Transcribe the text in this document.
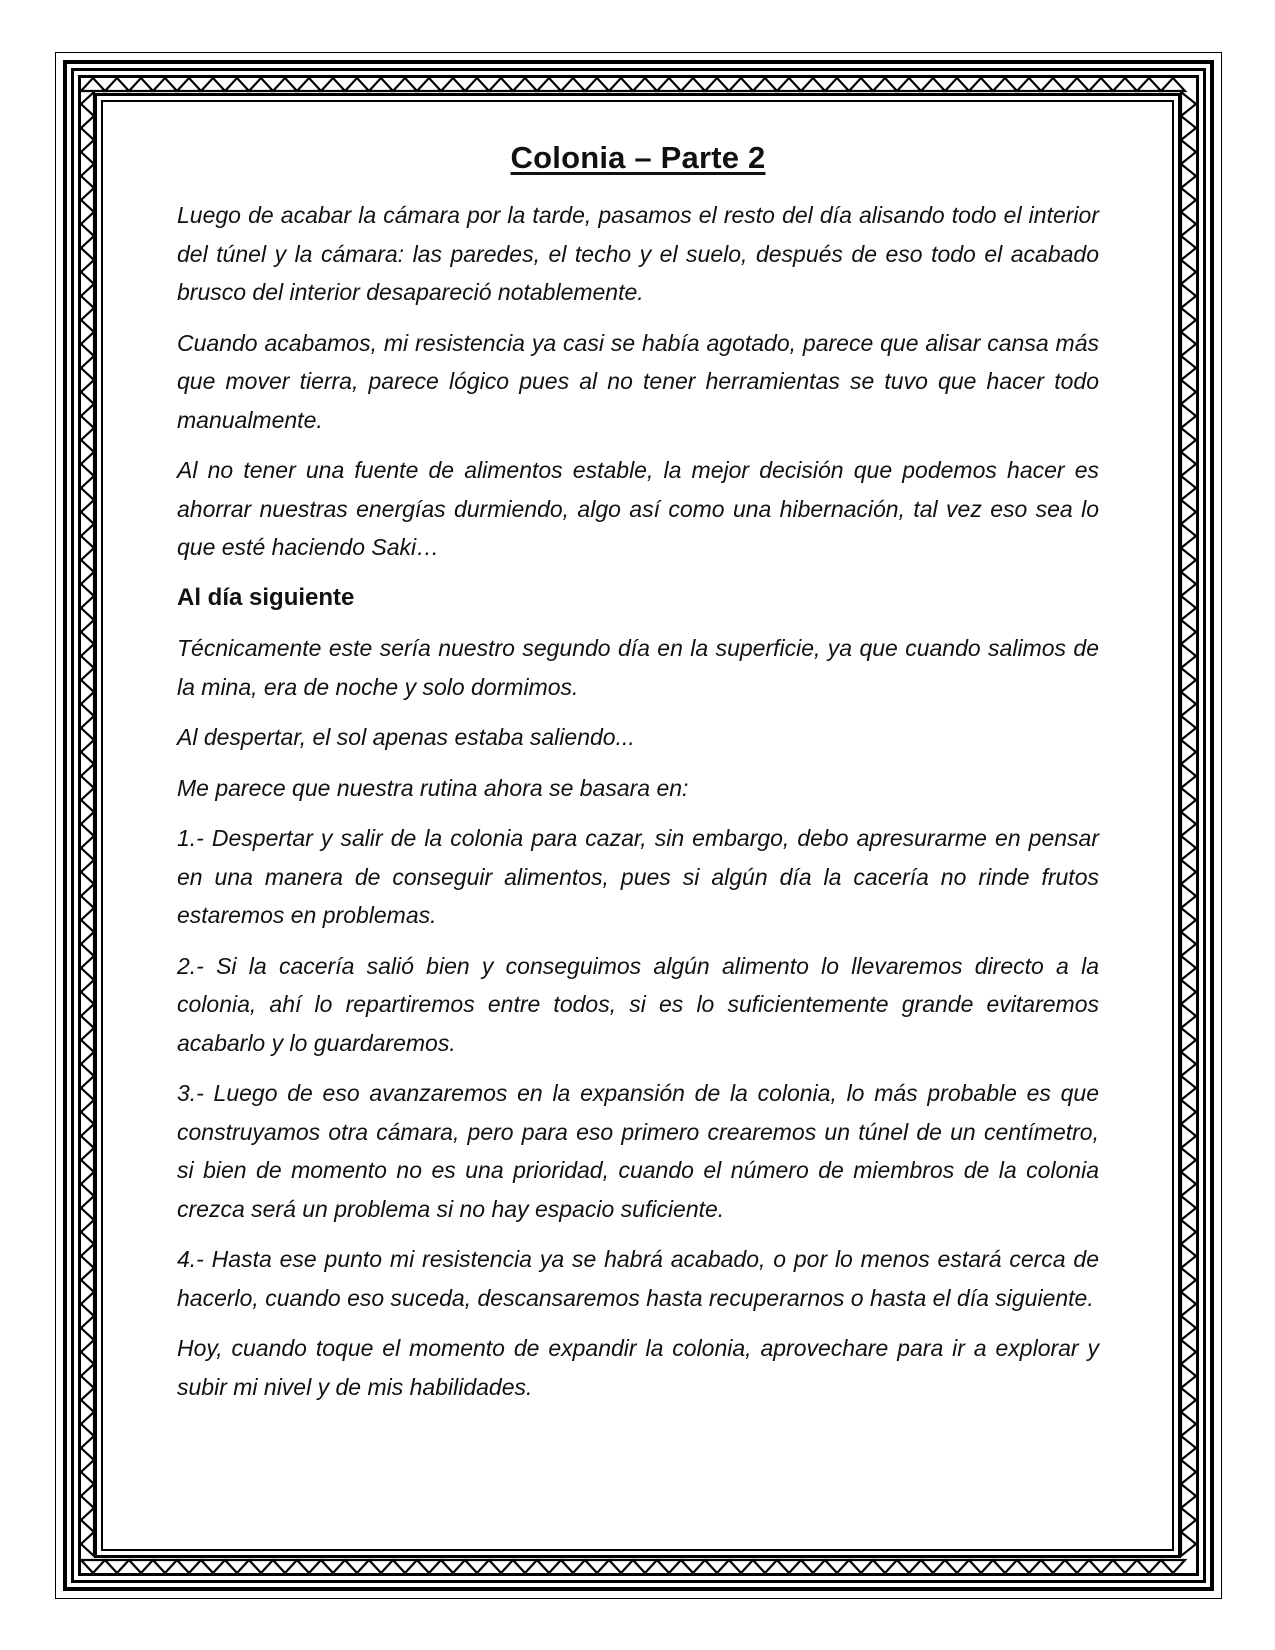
Colonia – Parte 2

Luego de acabar la cámara por la tarde, pasamos el resto del día alisando todo el interior del túnel y la cámara: las paredes, el techo y el suelo, después de eso todo el acabado brusco del interior desapareció notablemente.

Cuando acabamos, mi resistencia ya casi se había agotado, parece que alisar cansa más que mover tierra, parece lógico pues al no tener herramientas se tuvo que hacer todo manualmente.

Al no tener una fuente de alimentos estable, la mejor decisión que podemos hacer es ahorrar nuestras energías durmiendo, algo así como una hibernación, tal vez eso sea lo que esté haciendo Saki…

Al día siguiente

Técnicamente este sería nuestro segundo día en la superficie, ya que cuando salimos de la mina, era de noche y solo dormimos.

Al despertar, el sol apenas estaba saliendo...

Me parece que nuestra rutina ahora se basara en:

1.- Despertar y salir de la colonia para cazar, sin embargo, debo apresurarme en pensar en una manera de conseguir alimentos, pues si algún día la cacería no rinde frutos estaremos en problemas.

2.- Si la cacería salió bien y conseguimos algún alimento lo llevaremos directo a la colonia, ahí lo repartiremos entre todos, si es lo suficientemente grande evitaremos acabarlo y lo guardaremos.

3.- Luego de eso avanzaremos en la expansión de la colonia, lo más probable es que construyamos otra cámara, pero para eso primero crearemos un túnel de un centímetro, si bien de momento no es una prioridad, cuando el número de miembros de la colonia crezca será un problema si no hay espacio suficiente.

4.- Hasta ese punto mi resistencia ya se habrá acabado, o por lo menos estará cerca de hacerlo, cuando eso suceda, descansaremos hasta recuperarnos o hasta el día siguiente.

Hoy, cuando toque el momento de expandir la colonia, aprovechare para ir a explorar y subir mi nivel y de mis habilidades.
